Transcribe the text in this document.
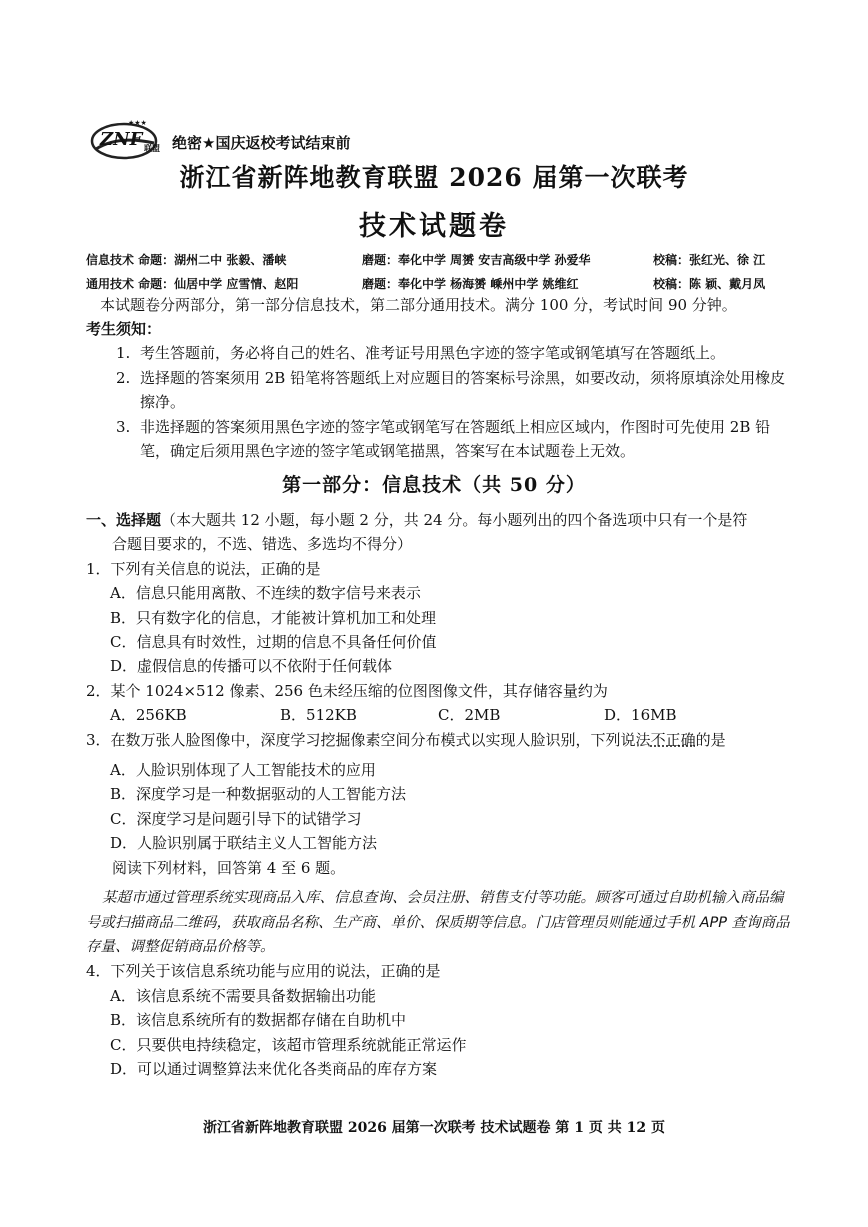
ZNF 联盟
★★★
绝密★国庆返校考试结束前
浙江省新阵地教育联盟 2026 届第一次联考
技术试题卷
信息技术 命题：湖州二中 张毅、潘峡	磨题：奉化中学 周赟 安吉高级中学 孙爱华	校稿：张红光、徐 江
通用技术 命题：仙居中学 应雪情、赵阳	磨题：奉化中学 杨海赟 嵊州中学 姚维红	校稿：陈 颖、戴月凤
本试题卷分两部分，第一部分信息技术，第二部分通用技术。满分 100 分，考试时间 90 分钟。
考生须知：
1. 考生答题前，务必将自己的姓名、准考证号用黑色字迹的签字笔或钢笔填写在答题纸上。
2. 选择题的答案须用 2B 铅笔将答题纸上对应题目的答案标号涂黑，如要改动，须将原填涂处用橡皮擦净。
3. 非选择题的答案须用黑色字迹的签字笔或钢笔写在答题纸上相应区域内，作图时可先使用 2B 铅笔，确定后须用黑色字迹的签字笔或钢笔描黑，答案写在本试题卷上无效。
第一部分：信息技术（共 50 分）
一、选择题（本大题共 12 小题，每小题 2 分，共 24 分。每小题列出的四个备选项中只有一个是符
合题目要求的，不选、错选、多选均不得分）
1．下列有关信息的说法，正确的是
A．信息只能用离散、不连续的数字信号来表示
B．只有数字化的信息，才能被计算机加工和处理
C．信息具有时效性，过期的信息不具备任何价值
D．虚假信息的传播可以不依附于任何载体
2．某个 1024×512 像素、256 色未经压缩的位图图像文件，其存储容量约为
A．256KB	B．512KB	C．2MB	D．16MB
3．在数万张人脸图像中，深度学习挖掘像素空间分布模式以实现人脸识别，下列说法不正确的是
A．人脸识别体现了人工智能技术的应用
B．深度学习是一种数据驱动的人工智能方法
C．深度学习是问题引导下的试错学习
D．人脸识别属于联结主义人工智能方法
阅读下列材料，回答第 4 至 6 题。
某超市通过管理系统实现商品入库、信息查询、会员注册、销售支付等功能。顾客可通过自助机输入商品编号或扫描商品二维码，获取商品名称、生产商、单价、保质期等信息。门店管理员则能通过手机 APP 查询商品存量、调整促销商品价格等。
4．下列关于该信息系统功能与应用的说法，正确的是
A．该信息系统不需要具备数据输出功能
B．该信息系统所有的数据都存储在自助机中
C．只要供电持续稳定，该超市管理系统就能正常运作
D．可以通过调整算法来优化各类商品的库存方案
浙江省新阵地教育联盟 2026 届第一次联考 技术试题卷 第 1 页 共 12 页
